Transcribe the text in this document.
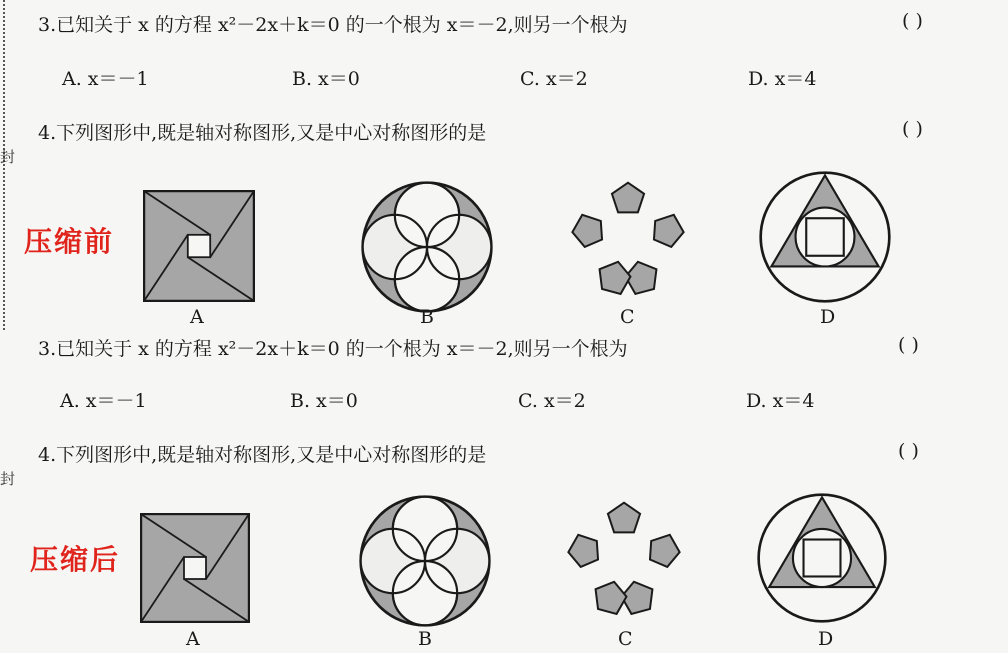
封
3.已知关于 x 的方程 x²－2x＋k＝0 的一个根为 x＝－2,则另一个根为	( )
A. x＝－1	B. x＝0	C. x＝2	D. x＝4
4.下列图形中,既是轴对称图形,又是中心对称图形的是	( )
压缩前
A	B	C	D
封
3.已知关于 x 的方程 x²－2x＋k＝0 的一个根为 x＝－2,则另一个根为	( )
A. x＝－1	B. x＝0	C. x＝2	D. x＝4
4.下列图形中,既是轴对称图形,又是中心对称图形的是	( )
压缩后
A	B	C	D
